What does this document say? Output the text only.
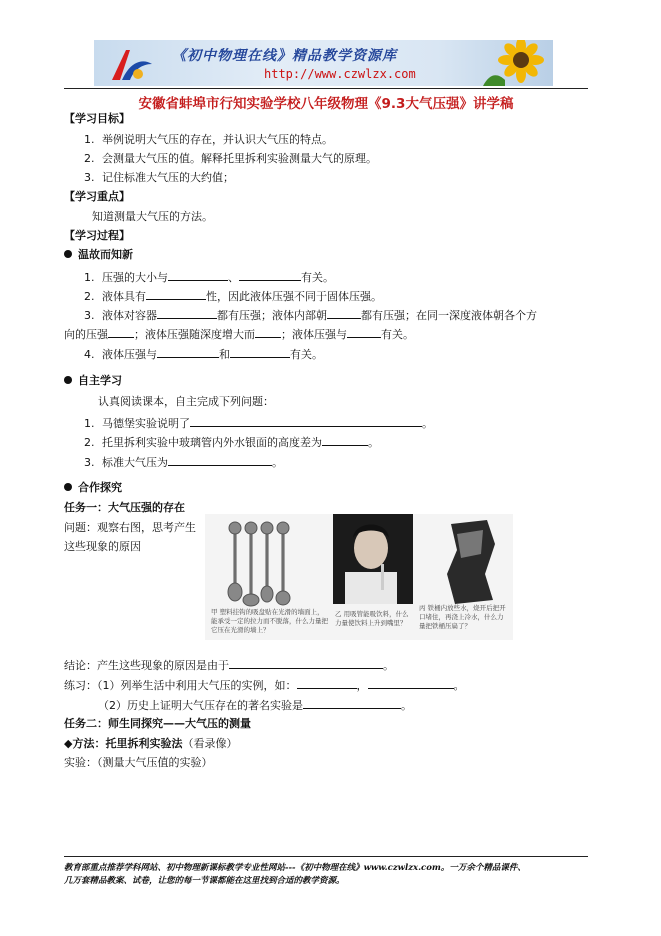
《初中物理在线》精品教学资源库
http://www.czwlzx.com
安徽省蚌埠市行知实验学校八年级物理《9.3大气压强》讲学稿
【学习目标】
1. 举例说明大气压的存在，并认识大气压的特点。
2. 会测量大气压的值。解释托里拆利实验测量大气的原理。
3. 记住标准大气压的大约值；
【学习重点】
知道测量大气压的方法。
【学习过程】
温故而知新
1. 压强的大小与	、	有关。
2. 液体具有	性，因此液体压强不同于固体压强。
3. 液体对容器	都有压强；液体内部朝	都有压强；在同一深度液体朝各个方
向的压强 ；液体压强随深度增大而 ；液体压强与	有关。
4. 液体压强与	和	有关。
自主学习
认真阅读课本，自主完成下列问题：
1. 马德堡实验说明了	。
2. 托里拆利实验中玻璃管内外水银面的高度差为	。
3. 标准大气压为	。
合作探究
任务一：大气压强的存在
问题：观察右图，思考产生
这些现象的原因
甲 塑料挂钩的吸盘贴在光滑的墙面上，能承受一定的拉力而不脱落，什么力量把它压在光滑的墙上？
乙 用吸管能吸饮料，什么力量使饮料上升到嘴里？
丙 铁桶内放些水，烧开后把开口堵住，再浇上冷水，什么力量把铁桶压扁了？
结论：产生这些现象的原因是由于	。
练习：（1）列举生活中利用大气压的实例，如：	，	。
（2）历史上证明大气压存在的著名实验是	。
任务二：师生同探究——大气压的测量
◆方法：托里拆利实验法（看录像）
实验：（测量大气压值的实验）
教育部重点推荐学科网站、初中物理新课标教学专业性网站---《初中物理在线》www.czwlzx.com。一万余个精品课件、
几万套精品教案、试卷，让您的每一节课都能在这里找到合适的教学资源。
